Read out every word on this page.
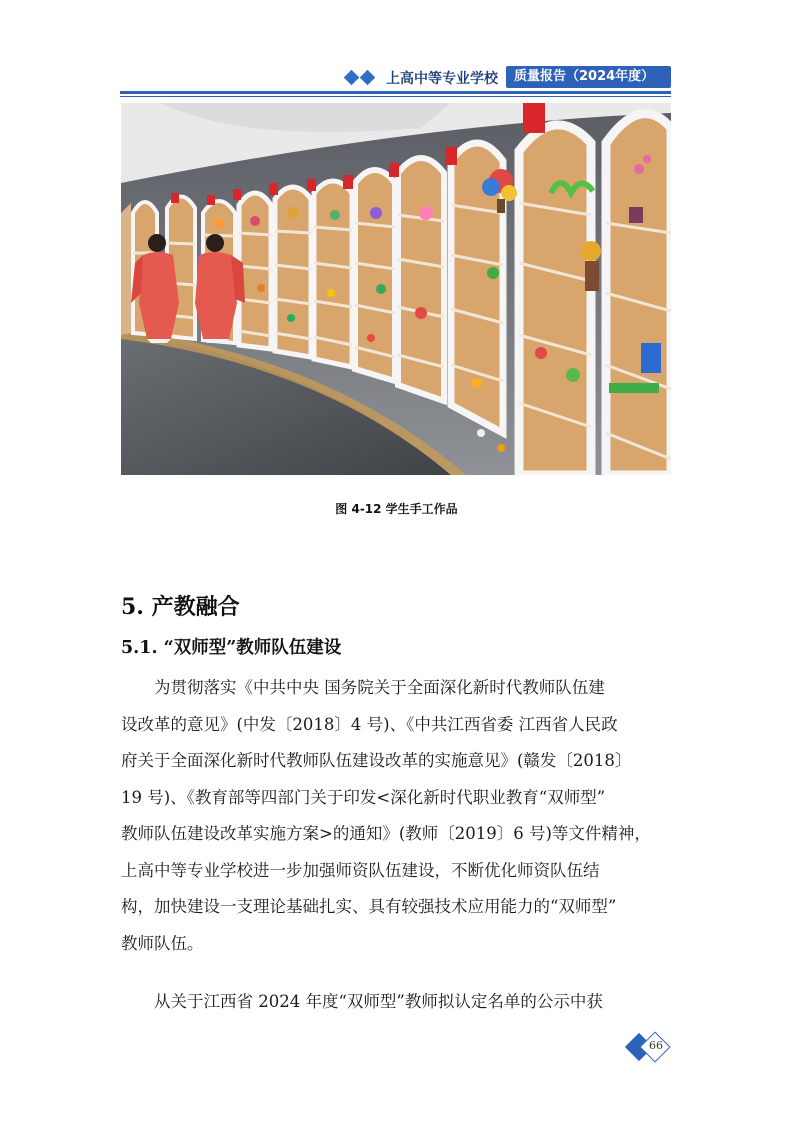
上高中等专业学校	质量报告（2024年度）
图 4-12 学生手工作品
5. 产教融合
5.1. “双师型”教师队伍建设
　　为贯彻落实《中共中央 国务院关于全面深化新时代教师队伍建
设改革的意见》(中发〔2018〕4 号)、《中共江西省委 江西省人民政
府关于全面深化新时代教师队伍建设改革的实施意见》(赣发〔2018〕
19 号)、《教育部等四部门关于印发<深化新时代职业教育“双师型”
教师队伍建设改革实施方案>的通知》(教师〔2019〕6 号)等文件精神，
上高中等专业学校进一步加强师资队伍建设，不断优化师资队伍结
构，加快建设一支理论基础扎实、具有较强技术应用能力的“双师型”
教师队伍。
　　从关于江西省 2024 年度“双师型”教师拟认定名单的公示中获
66
